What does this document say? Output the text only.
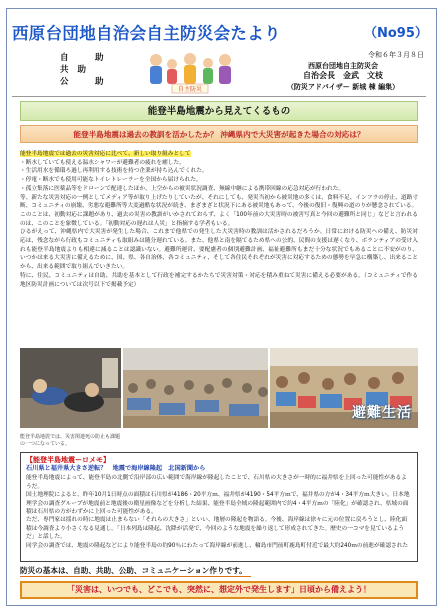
西原台団地自治会自主防災会たより	（No95）
自　助
共助
公　助
自主防災
令和６年３月８日
西原台団地自主防災会
自治会長　金武　文枝
（防災アドバイザー 新城 棟 編集）
能登半島地震から見えてくるもの
能登半島地震は過去の教訓を活かしたか？ 沖縄県内で大災害が起きた場合の対応は？

能登半島地震では過去の災害対応に比べて、新しい取り組みとして

・断水していても使える温水シャワーが避難者の疲れを癒した。

・生活用水を循環ろ過し再利用する技術を持つ企業が持ち込んでくれた。

・停電・断水でも使用可能なトイレトレーラーを全国から届けられた。

・孤立集落に医薬品等をドローンで配達したほか、上空からの被災状況調査、無線中継による携帯回線の応急対応が行われた。

等、新たな災害対応の一例としてメディア等が取り上げたりしていたが、それにしても、発災当初から被災地の多くは、食料不足、インフラの停止、道路寸断、コミュニティの崩壊、劣悪な避難所等大変過酷な状況が続き、まざまざと状況下にある被災地もあって、今後の復旧・復興の道のりが懸念されている。

このことは、初動対応に課題があり、過去の災害の教訓がいかされておらず、よく「100年前の大災害時の被害写真と今回の避難所と同じ」などと言われるのは、このことを象徴している。「初動対応の遅れは人災」と指摘する学者もいる。

ひるがえって、沖縄県内で大災害が発生した場合、これまで他県での発生した大災害時の教訓は活かされるだろうか。日常における防災への備え、防災対応は、残念ながら行政もコミュニティも取組みは随分遅れている。また、他県と南を隔てるため県への公的、民間の支援は遅くなり、ボランティアの受け入れも能登半島地震よりも相違に減ることは認識いない。避難所運営、要配慮者の個別避難計画、福祉避難所もまだ十分な状況でもあることに不安がのり、いつかは来る大災害に備えるために、国、県、各自治体、各コミュニティ、そして各住民それぞれが災害に対応するための態勢を早急に構築し、出来ることから、出来る範囲で取り組んでいきたい。

特に、住民、コミュニティは自助、共助を基本として行政を補完するかたちで災害対策・対応を積み重ねて災害に備える必要がある。（コミュニティで作る地区防災計画については次号以下で掲載予定）

避難生活
能登半島地震では、災害関連死の防止も課題の一つになっている。
【能登半島地震ーロメモ】
石川県と福井県大きさ逆転？　地震で海岸線隆起　北国新聞から

能登半島地震によって、能登半島の北側で沿岸部の広い範囲で海岸線が隆起したことで、石川県の大きさが一時的に福井県を上回った可能性があるようだ。

国土地理院によると、昨年10月1日時点の面積は石川県が4186・20平方ｍ、福井県が4190・54平方ｍで、福井県の方が4・34平方ｍ大きい。日本地理学会の調査グループが地震前と地震後の衛星画像などを分析した結果、能登半島全域の隆起範囲内で約4・4平方ｍの「陸化」が確認され、県域の面積は石川県の方がわずかに上回った可能性がある。

ただ、専門家は揺れの時に地震は止まらない「それらの大きさ」といい、地層の隆起を物語る。今後、海岸線は徐々に元の位置に戻ろうとし、陸化面積は今調査より小さくなる見通し。「日本列島は隆起、沈降が活発で、今回のような地震を繰り返して形成されてきた。歴史の一コマを見ているようだ」と話した。

同学会の調査では、地震の隆起などにより能登半島の約90％にわたって海岸線が前進し、輪島市門前町鹿島町付近で最大約240ｍの前進が確認された

防災の基本は、自助、共助、公助、コミュニケーション作りです。
「災害は、いつでも、どこでも、突然に、想定外で発生します」日頃から備えよう！
